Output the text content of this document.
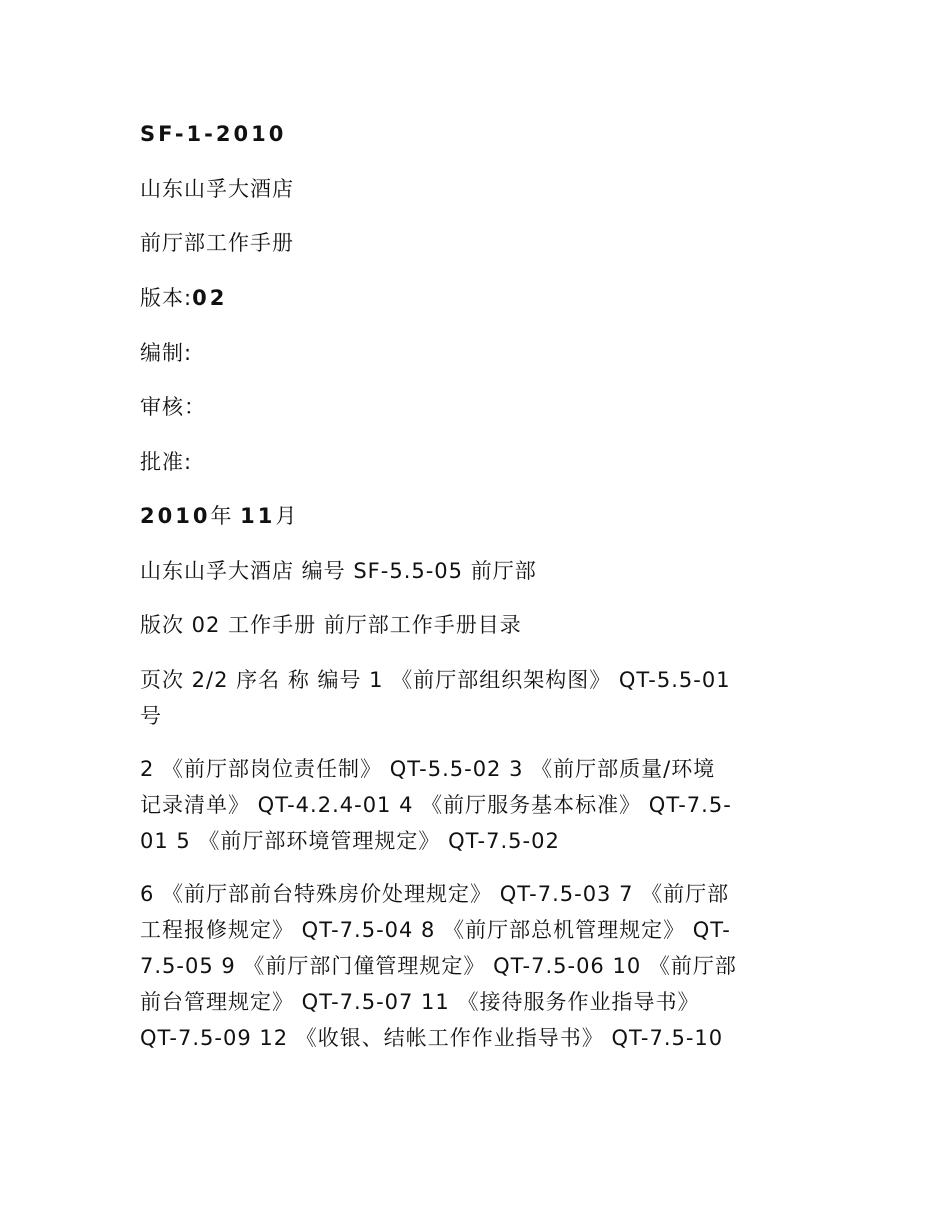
SF-1-2010
山东山孚大酒店
前厅部工作手册
版本:02
编制:
审核：
批准:
2010年 11月
山东山孚大酒店 编号 SF-5.5-05 前厅部
版次 02 工作手册 前厅部工作手册目录
页次 2/2 序名 称 编号 1 《前厅部组织架构图》 QT-5.5-01
号
2 《前厅部岗位责任制》 QT-5.5-02 3 《前厅部质量/环境
记录清单》 QT-4.2.4-01 4 《前厅服务基本标准》 QT-7.5-
01 5 《前厅部环境管理规定》 QT-7.5-02
6 《前厅部前台特殊房价处理规定》 QT-7.5-03 7 《前厅部
工程报修规定》 QT-7.5-04 8 《前厅部总机管理规定》 QT-
7.5-05 9 《前厅部门僮管理规定》 QT-7.5-06 10 《前厅部
前台管理规定》 QT-7.5-07 11 《接待服务作业指导书》
QT-7.5-09 12 《收银、结帐工作作业指导书》 QT-7.5-10
